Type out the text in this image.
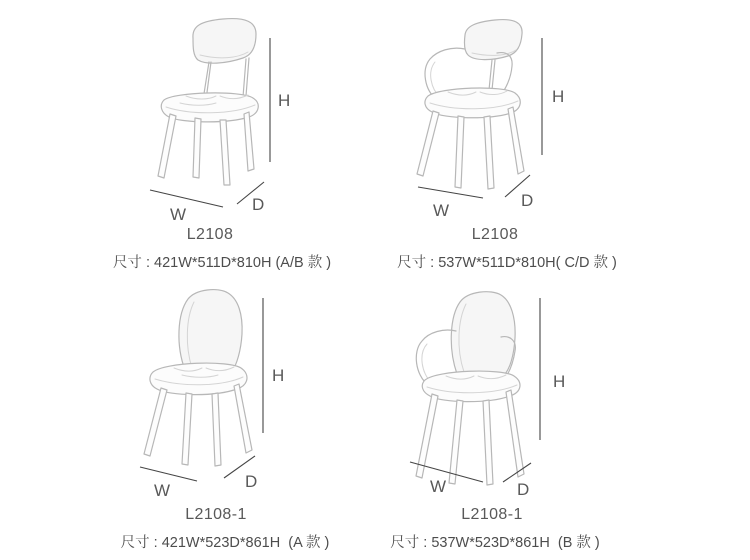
H
W
D
L2108
尺寸 : 421W*511D*810H (A/B 款 )
H
W
D
L2108
尺寸 : 537W*511D*810H( C/D 款 )
H
W	D
L2108-1
尺寸 : 421W*523D*861H  (A 款 )
H
W	D
L2108-1
尺寸 : 537W*523D*861H  (B 款 )
